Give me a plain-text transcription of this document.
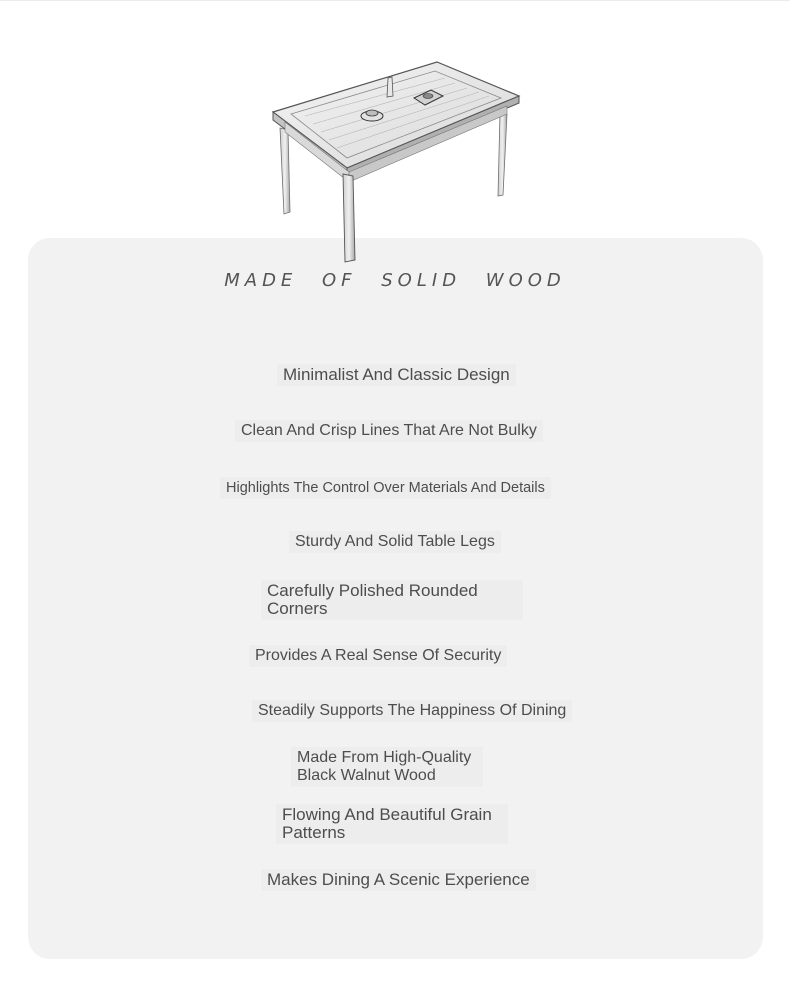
MADE OF SOLID WOOD
Minimalist And Classic Design
Clean And Crisp Lines That Are Not Bulky
Highlights The Control Over Materials And Details
Sturdy And Solid Table Legs
Carefully Polished Rounded Corners
Provides A Real Sense Of Security
Steadily Supports The Happiness Of Dining
Made From High-Quality Black Walnut Wood
Flowing And Beautiful Grain Patterns
Makes Dining A Scenic Experience
